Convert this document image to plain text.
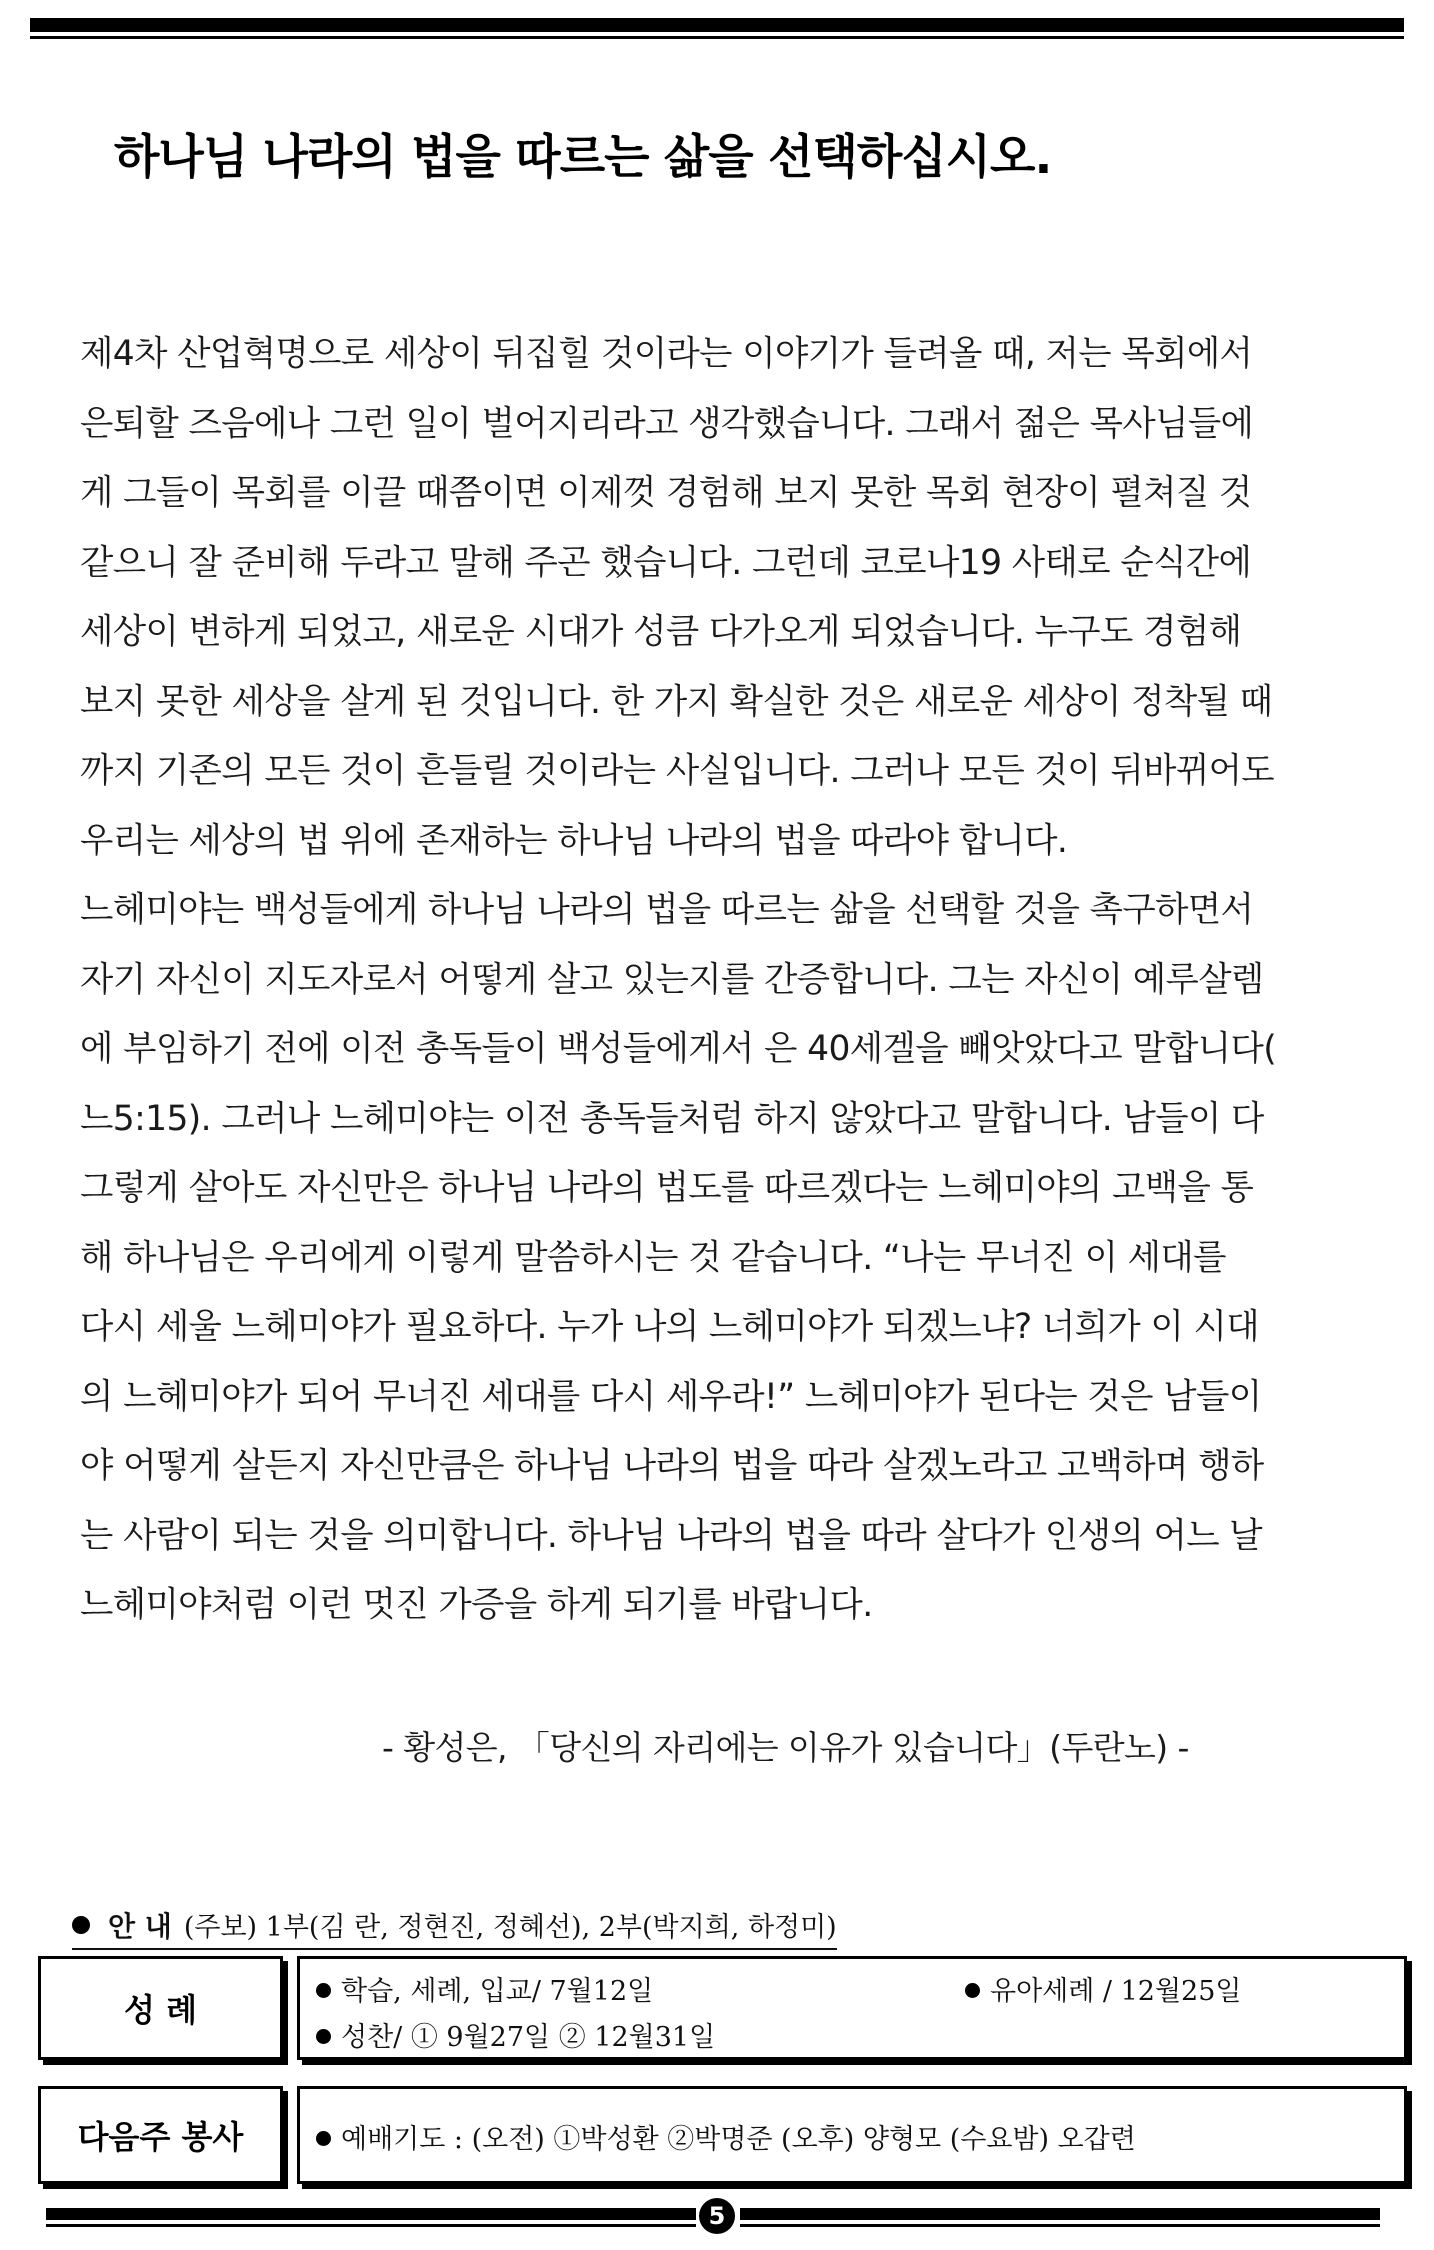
하나님 나라의 법을 따르는 삶을 선택하십시오.
제4차 산업혁명으로 세상이 뒤집힐 것이라는 이야기가 들려올 때, 저는 목회에서
은퇴할 즈음에나 그런 일이 벌어지리라고 생각했습니다. 그래서 젊은 목사님들에
게 그들이 목회를 이끌 때쯤이면 이제껏 경험해 보지 못한 목회 현장이 펼쳐질 것
같으니 잘 준비해 두라고 말해 주곤 했습니다. 그런데 코로나19 사태로 순식간에
세상이 변하게 되었고, 새로운 시대가 성큼 다가오게 되었습니다. 누구도 경험해
보지 못한 세상을 살게 된 것입니다. 한 가지 확실한 것은 새로운 세상이 정착될 때
까지 기존의 모든 것이 흔들릴 것이라는 사실입니다. 그러나 모든 것이 뒤바뀌어도
우리는 세상의 법 위에 존재하는 하나님 나라의 법을 따라야 합니다.
느헤미야는 백성들에게 하나님 나라의 법을 따르는 삶을 선택할 것을 촉구하면서
자기 자신이 지도자로서 어떻게 살고 있는지를 간증합니다. 그는 자신이 예루살렘
에 부임하기 전에 이전 총독들이 백성들에게서 은 40세겔을 빼앗았다고 말합니다(
느5:15). 그러나 느헤미야는 이전 총독들처럼 하지 않았다고 말합니다. 남들이 다
그렇게 살아도 자신만은 하나님 나라의 법도를 따르겠다는 느헤미야의 고백을 통
해 하나님은 우리에게 이렇게 말씀하시는 것 같습니다. “나는 무너진 이 세대를
다시 세울 느헤미야가 필요하다. 누가 나의 느헤미야가 되겠느냐? 너희가 이 시대
의 느헤미야가 되어 무너진 세대를 다시 세우라!” 느헤미야가 된다는 것은 남들이
야 어떻게 살든지 자신만큼은 하나님 나라의 법을 따라 살겠노라고 고백하며 행하
는 사람이 되는 것을 의미합니다. 하나님 나라의 법을 따라 살다가 인생의 어느 날
느헤미야처럼 이런 멋진 가증을 하게 되기를 바랍니다.
- 황성은, 「당신의 자리에는 이유가 있습니다」(두란노) -
안 내 (주보) 1부(김 란, 정현진, 정혜선), 2부(박지희, 하정미)
성 례	학습, 세례, 입교/ 7월12일	유아세례 / 12월25일
성찬/ ① 9월27일 ② 12월31일
다음주 봉사	예배기도 : (오전) ①박성환 ②박명준 (오후) 양형모 (수요밤) 오갑련
5
